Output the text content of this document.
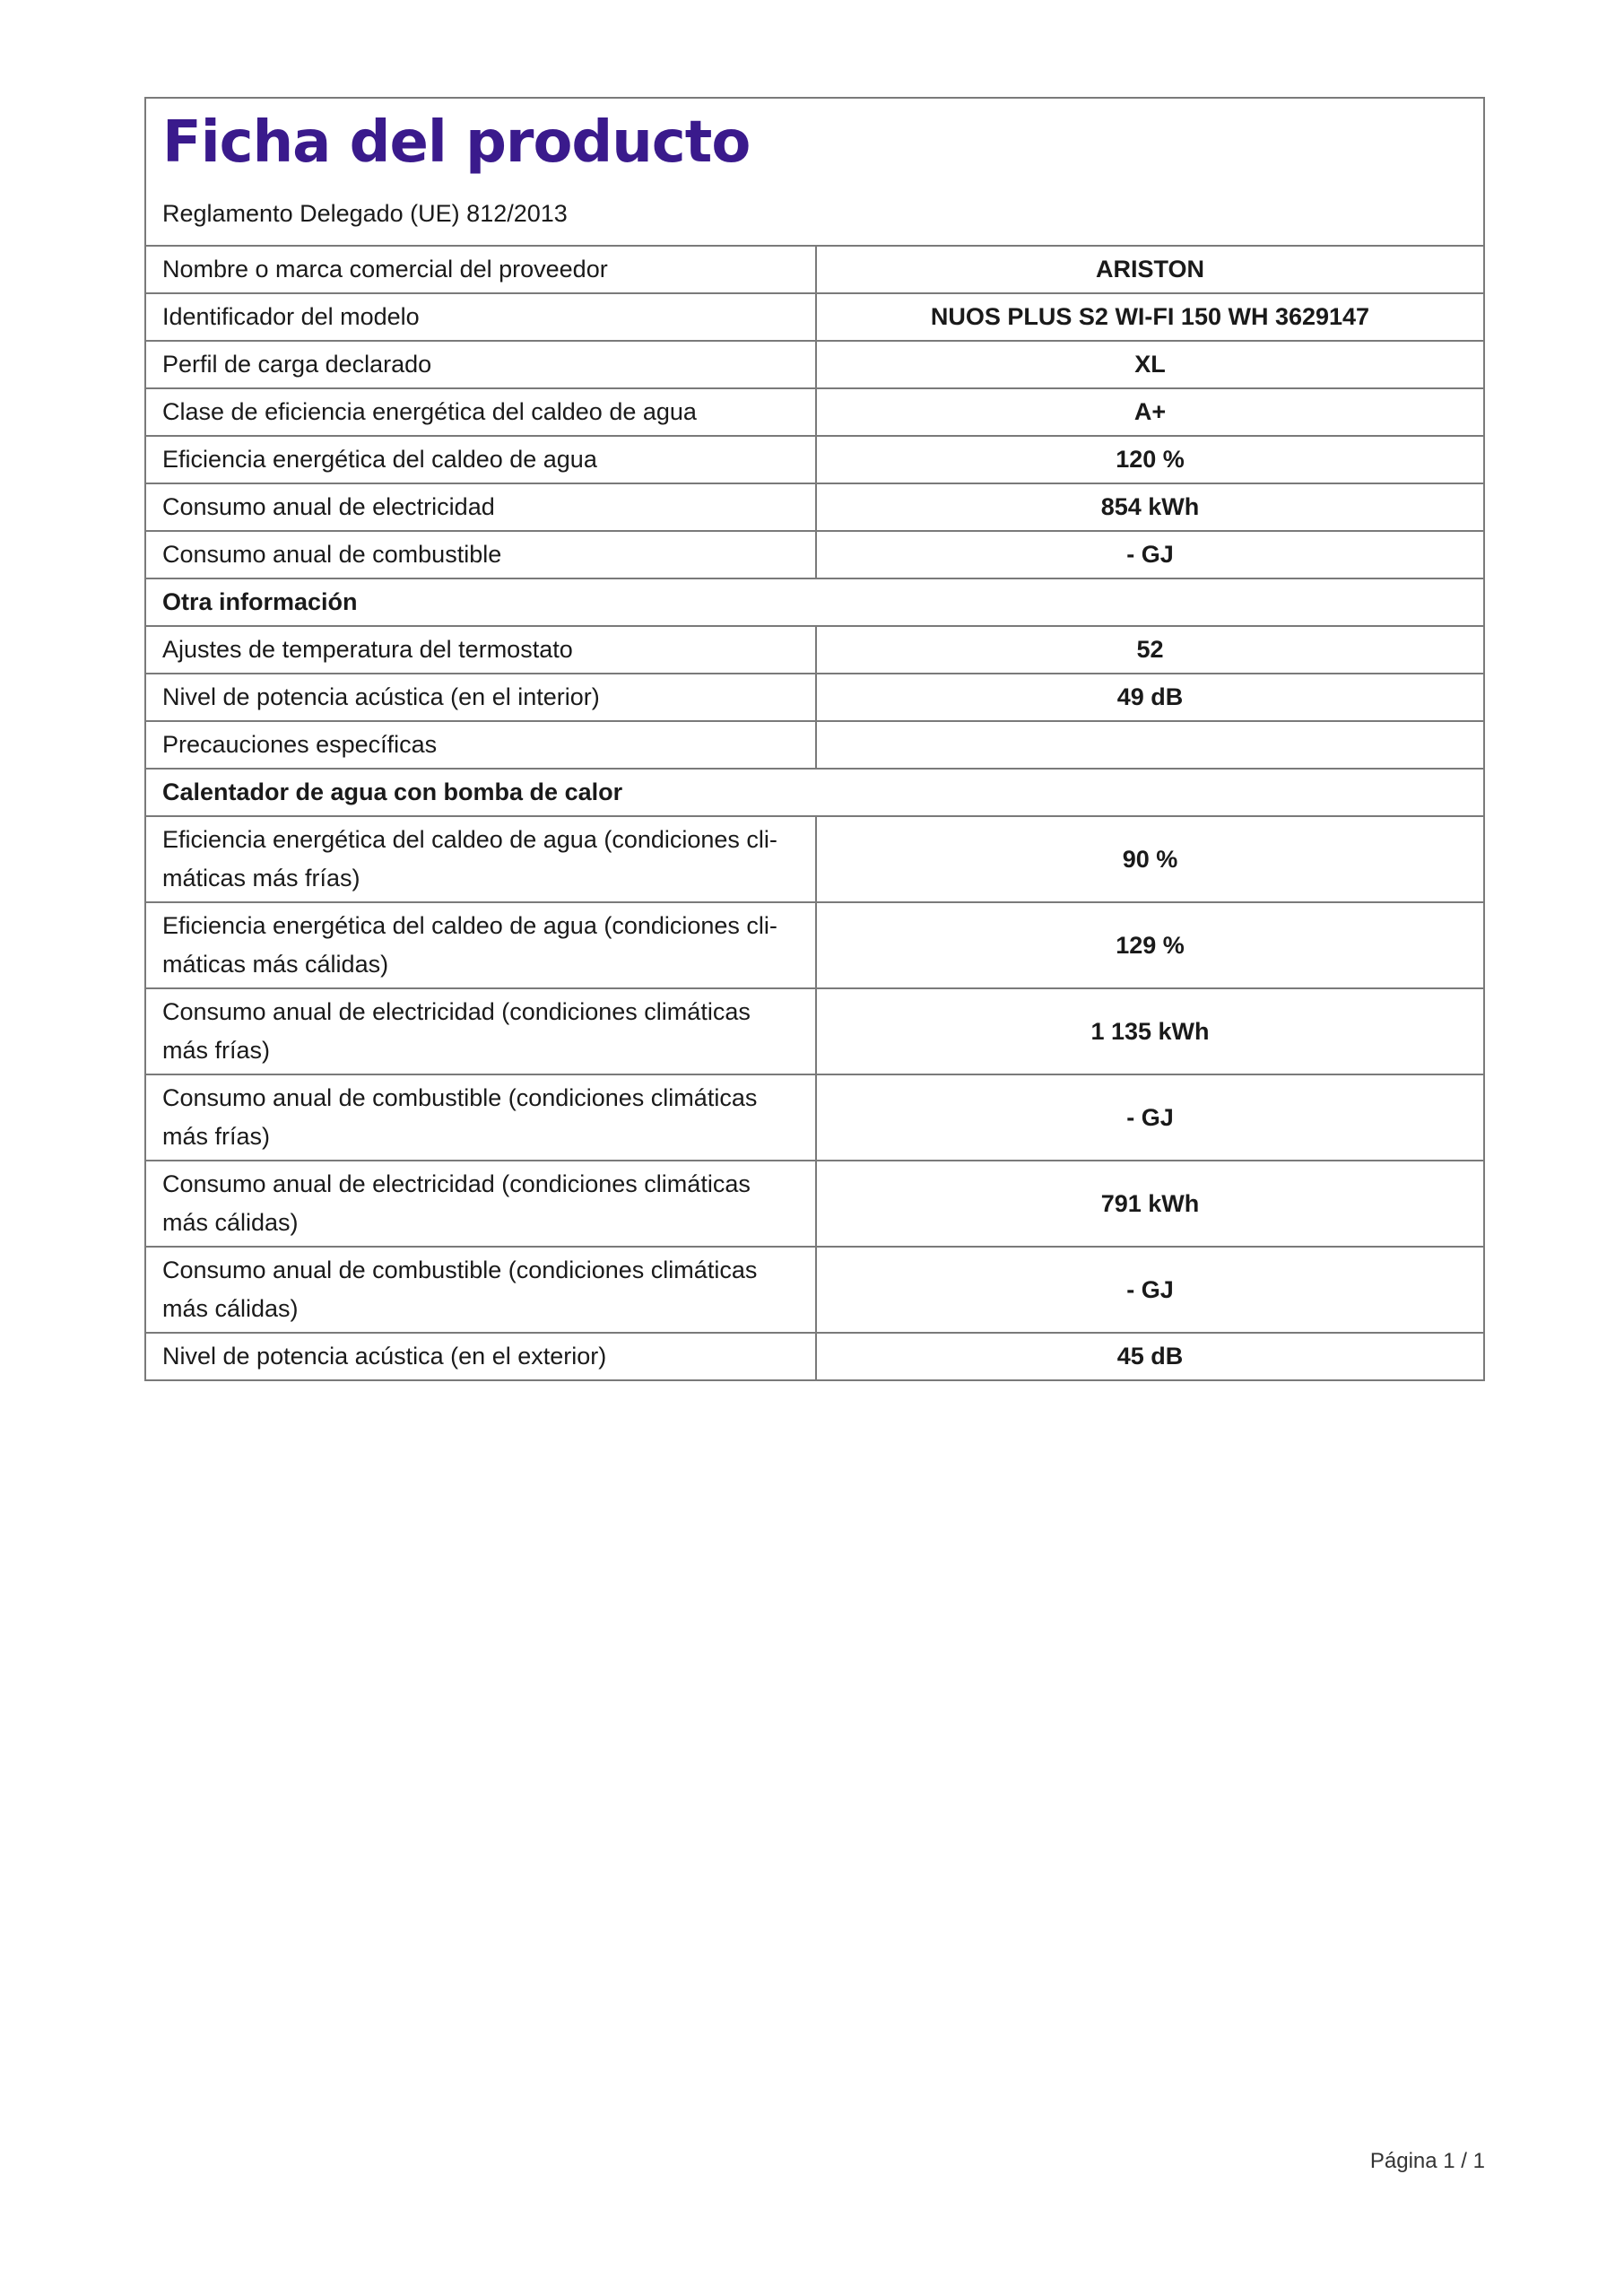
Ficha del producto
Reglamento Delegado (UE) 812/2013
Nombre o marca comercial del proveedor	ARISTON
Identificador del modelo	NUOS PLUS S2 WI-FI 150 WH 3629147
Perfil de carga declarado	XL
Clase de eficiencia energética del caldeo de agua	A+
Eficiencia energética del caldeo de agua	120 %
Consumo anual de electricidad	854 kWh
Consumo anual de combustible	- GJ
Otra información	
Ajustes de temperatura del termostato	52
Nivel de potencia acústica (en el interior)	49 dB
Precauciones específicas	
Calentador de agua con bomba de calor	
Eficiencia energética del caldeo de agua (condiciones cli-
máticas más frías)	90 %
Eficiencia energética del caldeo de agua (condiciones cli-
máticas más cálidas)	129 %
Consumo anual de electricidad (condiciones climáticas
más frías)	1 135 kWh
Consumo anual de combustible (condiciones climáticas
más frías)	- GJ
Consumo anual de electricidad (condiciones climáticas
más cálidas)	791 kWh
Consumo anual de combustible (condiciones climáticas
más cálidas)	- GJ
Nivel de potencia acústica (en el exterior)	45 dB
Página 1 / 1
